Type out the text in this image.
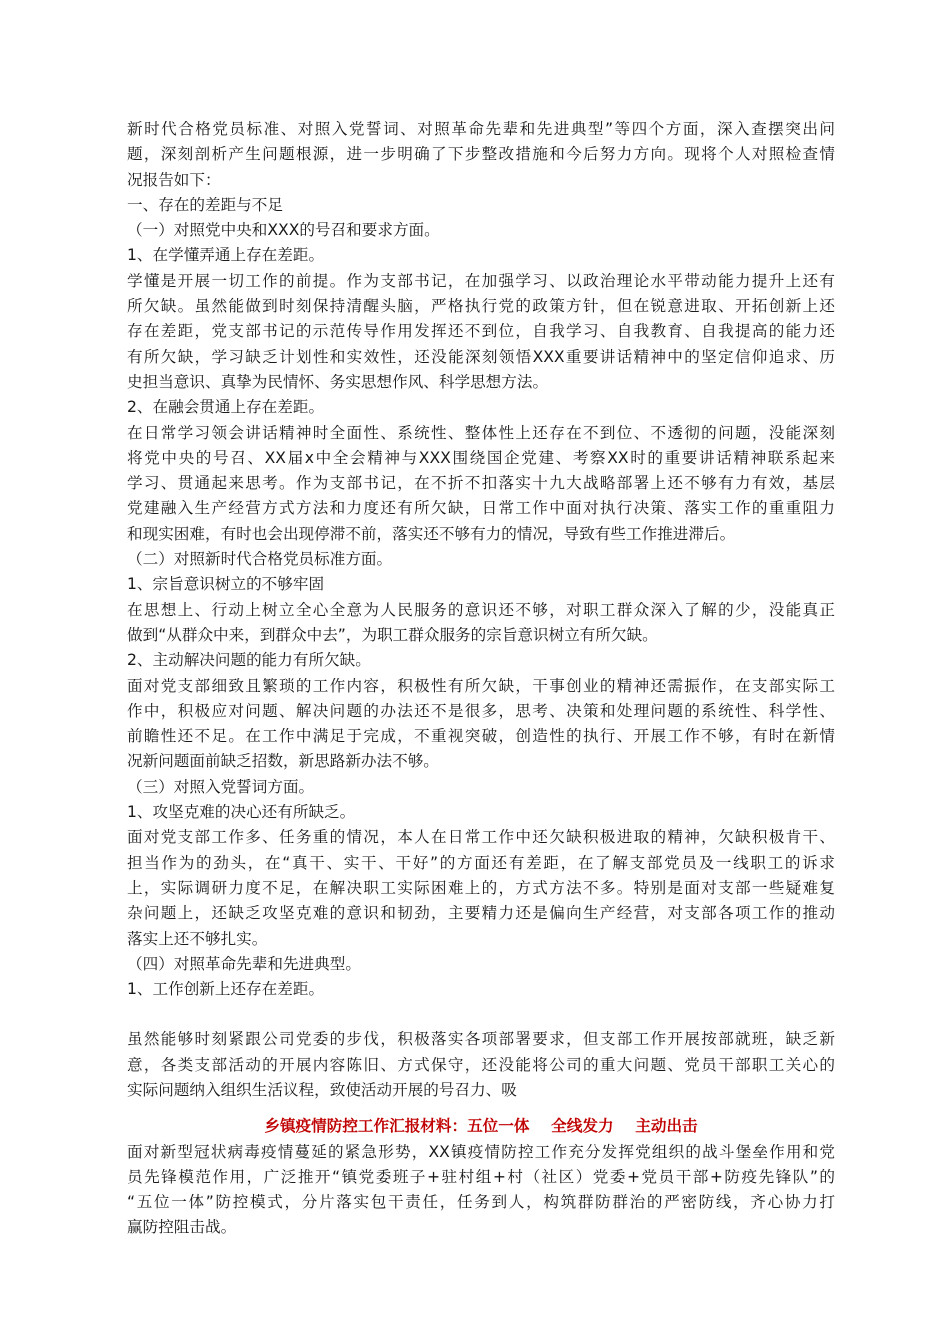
新时代合格党员标准、对照入党誓词、对照革命先辈和先进典型”等四个方面，深入查摆突出问
题，深刻剖析产生问题根源，进一步明确了下步整改措施和今后努力方向。现将个人对照检查情
况报告如下：
一、存在的差距与不足
（一）对照党中央和XXX的号召和要求方面。
1、在学懂弄通上存在差距。
学懂是开展一切工作的前提。作为支部书记，在加强学习、以政治理论水平带动能力提升上还有
所欠缺。虽然能做到时刻保持清醒头脑，严格执行党的政策方针，但在锐意进取、开拓创新上还
存在差距，党支部书记的示范传导作用发挥还不到位，自我学习、自我教育、自我提高的能力还
有所欠缺，学习缺乏计划性和实效性，还没能深刻领悟XXX重要讲话精神中的坚定信仰追求、历
史担当意识、真挚为民情怀、务实思想作风、科学思想方法。
2、在融会贯通上存在差距。
在日常学习领会讲话精神时全面性、系统性、整体性上还存在不到位、不透彻的问题，没能深刻
将党中央的号召、XX届x中全会精神与XXX围绕国企党建、考察XX时的重要讲话精神联系起来
学习、贯通起来思考。作为支部书记，在不折不扣落实十九大战略部署上还不够有力有效，基层
党建融入生产经营方式方法和力度还有所欠缺，日常工作中面对执行决策、落实工作的重重阻力
和现实困难，有时也会出现停滞不前，落实还不够有力的情况，导致有些工作推进滞后。
（二）对照新时代合格党员标准方面。
1、宗旨意识树立的不够牢固
在思想上、行动上树立全心全意为人民服务的意识还不够，对职工群众深入了解的少，没能真正
做到“从群众中来，到群众中去”，为职工群众服务的宗旨意识树立有所欠缺。
2、主动解决问题的能力有所欠缺。
面对党支部细致且繁琐的工作内容，积极性有所欠缺，干事创业的精神还需振作，在支部实际工
作中，积极应对问题、解决问题的办法还不是很多，思考、决策和处理问题的系统性、科学性、
前瞻性还不足。在工作中满足于完成，不重视突破，创造性的执行、开展工作不够，有时在新情
况新问题面前缺乏招数，新思路新办法不够。
（三）对照入党誓词方面。
1、攻坚克难的决心还有所缺乏。
面对党支部工作多、任务重的情况，本人在日常工作中还欠缺积极进取的精神，欠缺积极肯干、
担当作为的劲头，在“真干、实干、干好”的方面还有差距，在了解支部党员及一线职工的诉求
上，实际调研力度不足，在解决职工实际困难上的，方式方法不多。特别是面对支部一些疑难复
杂问题上，还缺乏攻坚克难的意识和韧劲，主要精力还是偏向生产经营，对支部各项工作的推动
落实上还不够扎实。
（四）对照革命先辈和先进典型。
1、工作创新上还存在差距。
虽然能够时刻紧跟公司党委的步伐，积极落实各项部署要求，但支部工作开展按部就班，缺乏新
意，各类支部活动的开展内容陈旧、方式保守，还没能将公司的重大问题、党员干部职工关心的
实际问题纳入组织生活议程，致使活动开展的号召力、吸
乡镇疫情防控工作汇报材料：五位一体    全线发力    主动出击
面对新型冠状病毒疫情蔓延的紧急形势，XX镇疫情防控工作充分发挥党组织的战斗堡垒作用和党
员先锋模范作用，广泛推开“镇党委班子+驻村组+村（社区）党委+党员干部+防疫先锋队”的
“五位一体”防控模式，分片落实包干责任，任务到人，构筑群防群治的严密防线，齐心协力打
赢防控阻击战。
